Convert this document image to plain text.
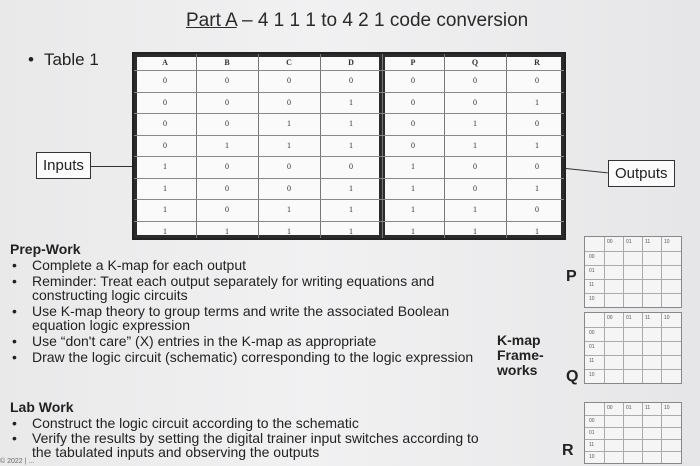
Part A – 4 1 1 1 to 4 2 1 code conversion
• Table 1
Inputs	Outputs
A	B	C	D	P	Q	R
0	0	0	0	0	0	0
0	0	0	1	0	0	1
0	0	1	1	0	1	0
0	1	1	1	0	1	1
1	0	0	0	1	0	0
1	0	0	1	1	0	1
1	0	1	1	1	1	0
1	1	1	1	1	1	1
Prep-Work
• Complete a K-map for each output
• Reminder: Treat each output separately for writing equations and constructing logic circuits
• Use K-map theory to group terms and write the associated Boolean equation logic expression
• Use “don't care” (X) entries in the K-map as appropriate
• Draw the logic circuit (schematic) corresponding to the logic expression
Lab Work
• Construct the logic circuit according to the schematic
• Verify the results by setting the digital trainer input switches according to the tabulated inputs and observing the outputs
K-map Frame-works
P
Q
R
00	01	11	10
00
01
11
10
00	01	11	10
00
01
11
10
00	01	11	10
00
01
11
10
© 2022 | ...
